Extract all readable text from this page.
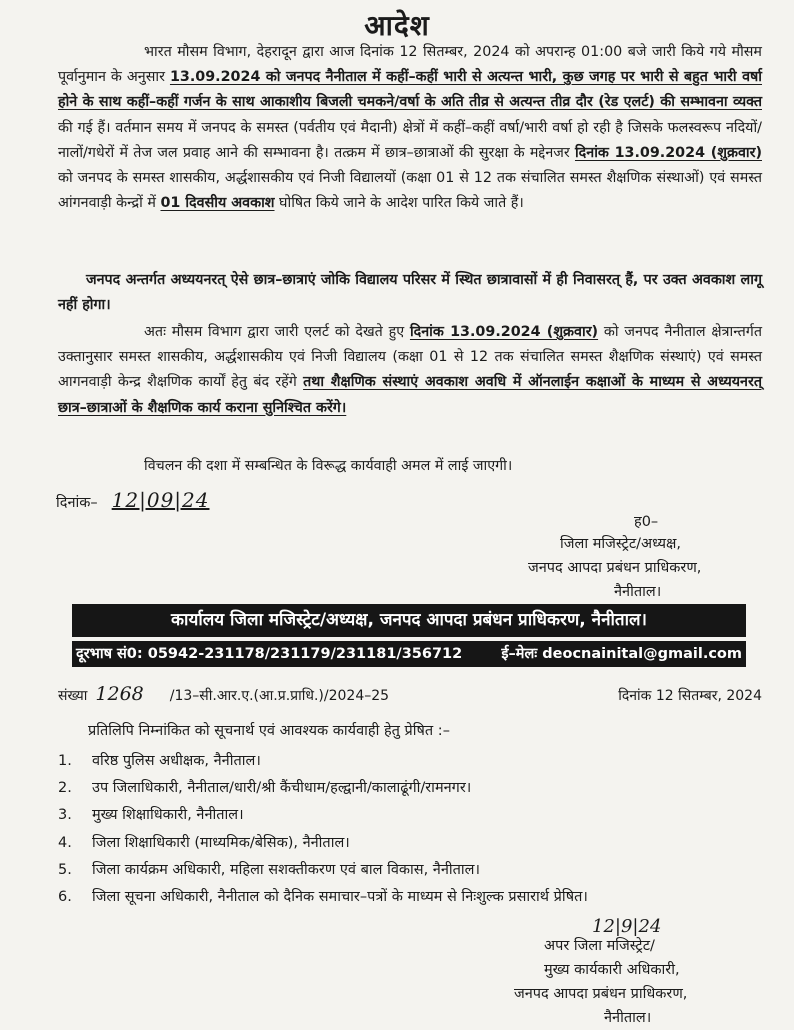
आदेश

भारत मौसम विभाग, देहरादून द्वारा आज दिनांक 12 सितम्बर, 2024 को अपरान्ह 01:00 बजे जारी किये गये मौसम पूर्वानुमान के अनुसार 13.09.2024 को जनपद नैनीताल में कहीं–कहीं भारी से अत्यन्त भारी, कुछ जगह पर भारी से बहुत भारी वर्षा होने के साथ कहीं–कहीं गर्जन के साथ आकाशीय बिजली चमकने/वर्षा के अति तीव्र से अत्यन्त तीव्र दौर (रेड एलर्ट) की सम्भावना व्यक्त की गई हैं। वर्तमान समय में जनपद के समस्त (पर्वतीय एवं मैदानी) क्षेत्रों में कहीं–कहीं वर्षा/भारी वर्षा हो रही है जिसके फलस्वरूप नदियों/नालों/गधेरों में तेज जल प्रवाह आने की सम्भावना है। तत्क्रम में छात्र–छात्राओं की सुरक्षा के मद्देनजर दिनांक 13.09.2024 (शुक्रवार) को जनपद के समस्त शासकीय, अर्द्धशासकीय एवं निजी विद्यालयों (कक्षा 01 से 12 तक संचालित समस्त शैक्षणिक संस्थाओं) एवं समस्त आंगनवाड़ी केन्द्रों में 01 दिवसीय अवकाश घोषित किये जाने के आदेश पारित किये जाते हैं।

जनपद अन्तर्गत अध्ययनरत् ऐसे छात्र–छात्राएं जोकि विद्यालय परिसर में स्थित छात्रावासों में ही निवासरत् हैं, पर उक्त अवकाश लागू नहीं होगा।

अतः मौसम विभाग द्वारा जारी एलर्ट को देखते हुए दिनांक 13.09.2024 (शुक्रवार) को जनपद नैनीताल क्षेत्रान्तर्गत उक्तानुसार समस्त शासकीय, अर्द्धशासकीय एवं निजी विद्यालय (कक्षा 01 से 12 तक संचालित समस्त शैक्षणिक संस्थाएं) एवं समस्त आगनवाड़ी केन्द्र शैक्षणिक कार्यों हेतु बंद रहेंगे तथा शैक्षणिक संस्थाएं अवकाश अवधि में ऑनलाईन कक्षाओं के माध्यम से अध्ययनरत् छात्र–छात्राओं के शैक्षणिक कार्य कराना सुनिश्चित करेंगे।

विचलन की दशा में सम्बन्धित के विरूद्ध कार्यवाही अमल में लाई जाएगी।

दिनांक– 12|09|24
ह0–
जिला मजिस्ट्रेट/अध्यक्ष,
जनपद आपदा प्रबंधन प्राधिकरण,
नैनीताल।
कार्यालय जिला मजिस्ट्रेट/अध्यक्ष, जनपद आपदा प्रबंधन प्राधिकरण, नैनीताल।
दूरभाष सं0: 05942-231178/231179/231181/356712	ई–मेलः deocnainital@gmail.com
संख्या 1268 /13–सी.आर.ए.(आ.प्र.प्राधि.)/2024–25	दिनांक 12 सितम्बर, 2024
प्रतिलिपि निम्नांकित को सूचनार्थ एवं आवश्यक कार्यवाही हेतु प्रेषित :–
1.	वरिष्ठ पुलिस अधीक्षक, नैनीताल।
2.	उप जिलाधिकारी, नैनीताल/धारी/श्री कैंचीधाम/हल्द्वानी/कालाढूंगी/रामनगर।
3.	मुख्य शिक्षाधिकारी, नैनीताल।
4.	जिला शिक्षाधिकारी (माध्यमिक/बेसिक), नैनीताल।
5.	जिला कार्यक्रम अधिकारी, महिला सशक्तीकरण एवं बाल विकास, नैनीताल।
6.	जिला सूचना अधिकारी, नैनीताल को दैनिक समाचार–पत्रों के माध्यम से निःशुल्क प्रसारार्थ प्रेषित।
12|9|24
अपर जिला मजिस्ट्रेट/
मुख्य कार्यकारी अधिकारी,
जनपद आपदा प्रबंधन प्राधिकरण,
नैनीताल।
